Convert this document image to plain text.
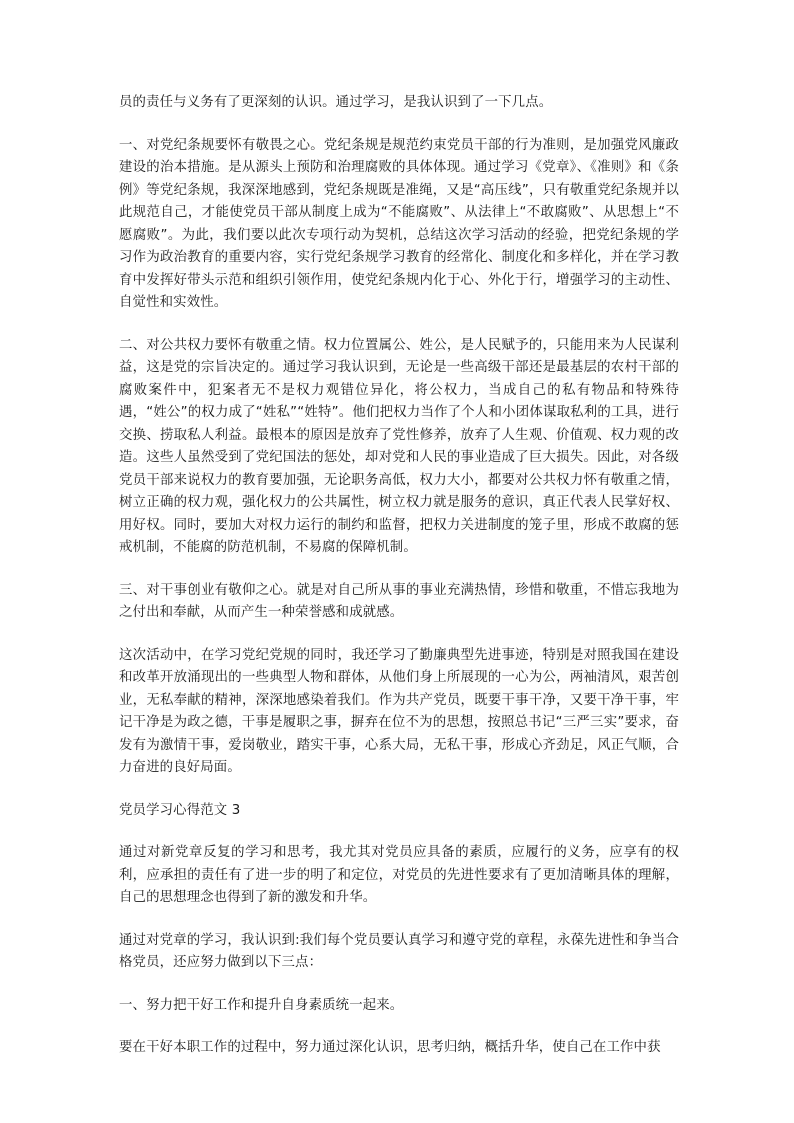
员的责任与义务有了更深刻的认识。通过学习，是我认识到了一下几点。

一、对党纪条规要怀有敬畏之心。党纪条规是规范约束党员干部的行为准则，是加强党风廉政建设的治本措施。是从源头上预防和治理腐败的具体体现。通过学习《党章》、《准则》和《条例》等党纪条规，我深深地感到，党纪条规既是准绳，又是“高压线”，只有敬重党纪条规并以此规范自己，才能使党员干部从制度上成为“不能腐败”、从法律上“不敢腐败”、从思想上“不愿腐败”。为此，我们要以此次专项行动为契机，总结这次学习活动的经验，把党纪条规的学习作为政治教育的重要内容，实行党纪条规学习教育的经常化、制度化和多样化，并在学习教育中发挥好带头示范和组织引领作用，使党纪条规内化于心、外化于行，增强学习的主动性、自觉性和实效性。

二、对公共权力要怀有敬重之情。权力位置属公、姓公，是人民赋予的，只能用来为人民谋利益，这是党的宗旨决定的。通过学习我认识到，无论是一些高级干部还是最基层的农村干部的腐败案件中，犯案者无不是权力观错位异化，将公权力，当成自己的私有物品和特殊待遇，“姓公”的权力成了“姓私”“姓特”。他们把权力当作了个人和小团体谋取私利的工具，进行交换、捞取私人利益。最根本的原因是放弃了党性修养，放弃了人生观、价值观、权力观的改造。这些人虽然受到了党纪国法的惩处，却对党和人民的事业造成了巨大损失。因此，对各级党员干部来说权力的教育要加强，无论职务高低，权力大小，都要对公共权力怀有敬重之情，树立正确的权力观，强化权力的公共属性，树立权力就是服务的意识，真正代表人民掌好权、用好权。同时，要加大对权力运行的制约和监督，把权力关进制度的笼子里，形成不敢腐的惩戒机制，不能腐的防范机制，不易腐的保障机制。

三、对干事创业有敬仰之心。就是对自己所从事的事业充满热情，珍惜和敬重，不惜忘我地为之付出和奉献，从而产生一种荣誉感和成就感。

这次活动中，在学习党纪党规的同时，我还学习了勤廉典型先进事迹，特别是对照我国在建设和改革开放涌现出的一些典型人物和群体，从他们身上所展现的一心为公，两袖清风，艰苦创业，无私奉献的精神，深深地感染着我们。作为共产党员，既要干事干净，又要干净干事，牢记干净是为政之德，干事是履职之事，摒弃在位不为的思想，按照总书记“三严三实”要求，奋发有为激情干事，爱岗敬业，踏实干事，心系大局，无私干事，形成心齐劲足，风正气顺，合力奋进的良好局面。

党员学习心得范文 3

通过对新党章反复的学习和思考，我尤其对党员应具备的素质，应履行的义务，应享有的权利，应承担的责任有了进一步的明了和定位，对党员的先进性要求有了更加清晰具体的理解，自己的思想理念也得到了新的激发和升华。

通过对党章的学习，我认识到:我们每个党员要认真学习和遵守党的章程，永葆先进性和争当合格党员，还应努力做到以下三点：

一、努力把干好工作和提升自身素质统一起来。

要在干好本职工作的过程中，努力通过深化认识，思考归纳，概括升华，使自己在工作中获
